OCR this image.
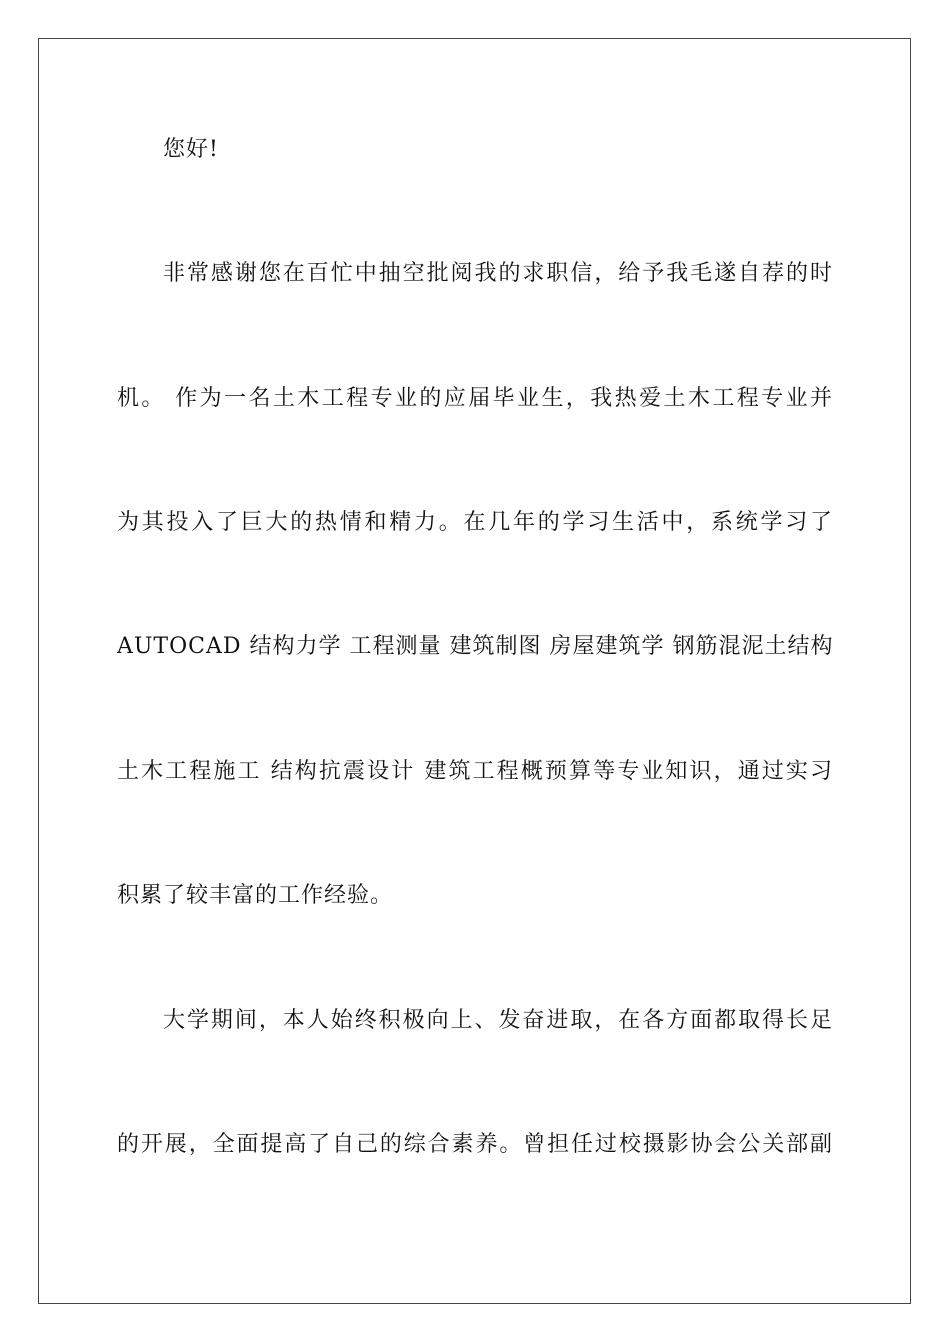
您好!
非常感谢您在百忙中抽空批阅我的求职信，给予我毛遂自荐的时
机。 作为一名土木工程专业的应届毕业生，我热爱土木工程专业并
为其投入了巨大的热情和精力。在几年的学习生活中，系统学习了
AUTOCAD 结构力学 工程测量 建筑制图 房屋建筑学 钢筋混泥土结构
土木工程施工 结构抗震设计 建筑工程概预算等专业知识，通过实习
积累了较丰富的工作经验。
大学期间，本人始终积极向上、发奋进取，在各方面都取得长足
的开展，全面提高了自己的综合素养。曾担任过校摄影协会公关部副
